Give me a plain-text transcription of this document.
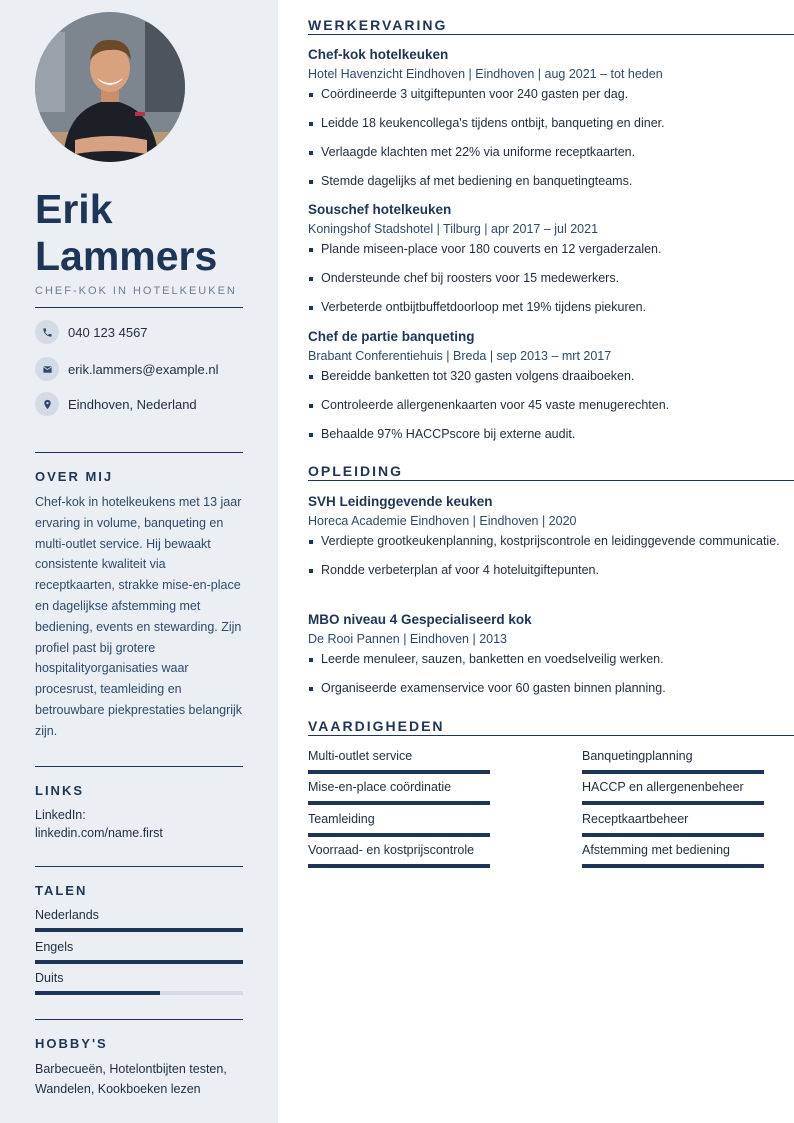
Erik
Lammers
CHEF-KOK IN HOTELKEUKEN
040 123 4567
erik.lammers@example.nl
Eindhoven, Nederland
OVER MIJ
Chef-kok in hotelkeukens met 13 jaar ervaring in volume, banqueting en multi-outlet service. Hij bewaakt consistente kwaliteit via receptkaarten, strakke mise-en-place en dagelijkse afstemming met bediening, events en stewarding. Zijn profiel past bij grotere hospitalityorganisaties waar procesrust, teamleiding en betrouwbare piekprestaties belangrijk zijn.
LINKS
LinkedIn:
linkedin.com/name.first
TALEN
Nederlands
Engels
Duits
HOBBY'S
Barbecueën, Hotelontbijten testen, Wandelen, Kookboeken lezen
WERKERVARING
Chef-kok hotelkeuken
Hotel Havenzicht Eindhoven | Eindhoven | aug 2021 – tot heden
Coördineerde 3 uitgiftepunten voor 240 gasten per dag.
Leidde 18 keukencollega's tijdens ontbijt, banqueting en diner.
Verlaagde klachten met 22% via uniforme receptkaarten.
Stemde dagelijks af met bediening en banquetingteams.
Souschef hotelkeuken
Koningshof Stadshotel | Tilburg | apr 2017 – jul 2021
Plande miseen-place voor 180 couverts en 12 vergaderzalen.
Ondersteunde chef bij roosters voor 15 medewerkers.
Verbeterde ontbijtbuffetdoorloop met 19% tijdens piekuren.
Chef de partie banqueting
Brabant Conferentiehuis | Breda | sep 2013 – mrt 2017
Bereidde banketten tot 320 gasten volgens draaiboeken.
Controleerde allergenenkaarten voor 45 vaste menugerechten.
Behaalde 97% HACCPscore bij externe audit.
OPLEIDING
SVH Leidinggevende keuken
Horeca Academie Eindhoven | Eindhoven | 2020
Verdiepte grootkeukenplanning, kostprijscontrole en leidinggevende communicatie.
Rondde verbeterplan af voor 4 hoteluitgiftepunten.
MBO niveau 4 Gespecialiseerd kok
De Rooi Pannen | Eindhoven | 2013
Leerde menuleer, sauzen, banketten en voedselveilig werken.
Organiseerde examenservice voor 60 gasten binnen planning.
VAARDIGHEDEN
Multi-outlet service	Banquetingplanning
Mise-en-place coördinatie	HACCP en allergenenbeheer
Teamleiding	Receptkaartbeheer
Voorraad- en kostprijscontrole	Afstemming met bediening
